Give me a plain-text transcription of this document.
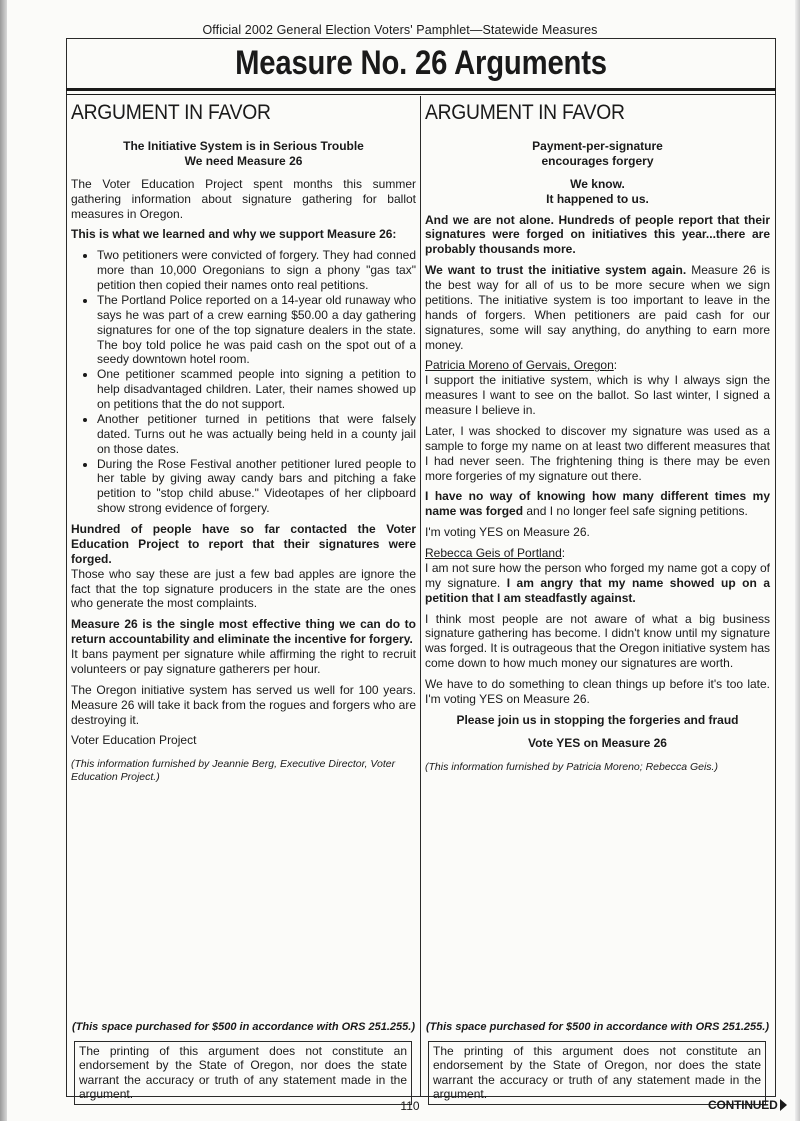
Official 2002 General Election Voters' Pamphlet—Statewide Measures
Measure No. 26 Arguments
ARGUMENT IN FAVOR

The Initiative System is in Serious Trouble
We need Measure 26

The Voter Education Project spent months this summer gathering information about signature gathering for ballot measures in Oregon.

This is what we learned and why we support Measure 26:

• Two petitioners were convicted of forgery. They had conned more than 10,000 Oregonians to sign a phony "gas tax" petition then copied their names onto real petitions.
• The Portland Police reported on a 14-year old runaway who says he was part of a crew earning $50.00 a day gathering signatures for one of the top signature dealers in the state. The boy told police he was paid cash on the spot out of a seedy downtown hotel room.
• One petitioner scammed people into signing a petition to help disadvantaged children. Later, their names showed up on petitions that the do not support.
• Another petitioner turned in petitions that were falsely dated. Turns out he was actually being held in a county jail on those dates.
• During the Rose Festival another petitioner lured people to her table by giving away candy bars and pitching a fake petition to "stop child abuse." Videotapes of her clipboard show strong evidence of forgery.

Hundred of people have so far contacted the Voter Education Project to report that their signatures were forged.
Those who say these are just a few bad apples are ignore the fact that the top signature producers in the state are the ones who generate the most complaints.

Measure 26 is the single most effective thing we can do to return accountability and eliminate the incentive for forgery.
It bans payment per signature while affirming the right to recruit volunteers or pay signature gatherers per hour.

The Oregon initiative system has served us well for 100 years. Measure 26 will take it back from the rogues and forgers who are destroying it.

Voter Education Project

(This information furnished by Jeannie Berg, Executive Director, Voter Education Project.)

ARGUMENT IN FAVOR

Payment-per-signature
encourages forgery

We know.
It happened to us.

And we are not alone. Hundreds of people report that their signatures were forged on initiatives this year...there are probably thousands more.

We want to trust the initiative system again. Measure 26 is the best way for all of us to be more secure when we sign petitions. The initiative system is too important to leave in the hands of forgers. When petitioners are paid cash for our signatures, some will say anything, do anything to earn more money.

Patricia Moreno of Gervais, Oregon:

I support the initiative system, which is why I always sign the measures I want to see on the ballot. So last winter, I signed a measure I believe in.

Later, I was shocked to discover my signature was used as a sample to forge my name on at least two different measures that I had never seen. The frightening thing is there may be even more forgeries of my signature out there.

I have no way of knowing how many different times my name was forged and I no longer feel safe signing petitions.

I'm voting YES on Measure 26.

Rebecca Geis of Portland:

I am not sure how the person who forged my name got a copy of my signature. I am angry that my name showed up on a petition that I am steadfastly against.

I think most people are not aware of what a big business signature gathering has become. I didn't know until my signature was forged. It is outrageous that the Oregon initiative system has come down to how much money our signatures are worth.

We have to do something to clean things up before it's too late. I'm voting YES on Measure 26.

Please join us in stopping the forgeries and fraud

Vote YES on Measure 26

(This information furnished by Patricia Moreno; Rebecca Geis.)

(This space purchased for $500 in accordance with ORS 251.255.) (This space purchased for $500 in accordance with ORS 251.255.)
The printing of this argument does not constitute an endorsement by the State of Oregon, nor does the state warrant the accuracy or truth of any statement made in the argument.
The printing of this argument does not constitute an endorsement by the State of Oregon, nor does the state warrant the accuracy or truth of any statement made in the argument.
110	CONTINUED
